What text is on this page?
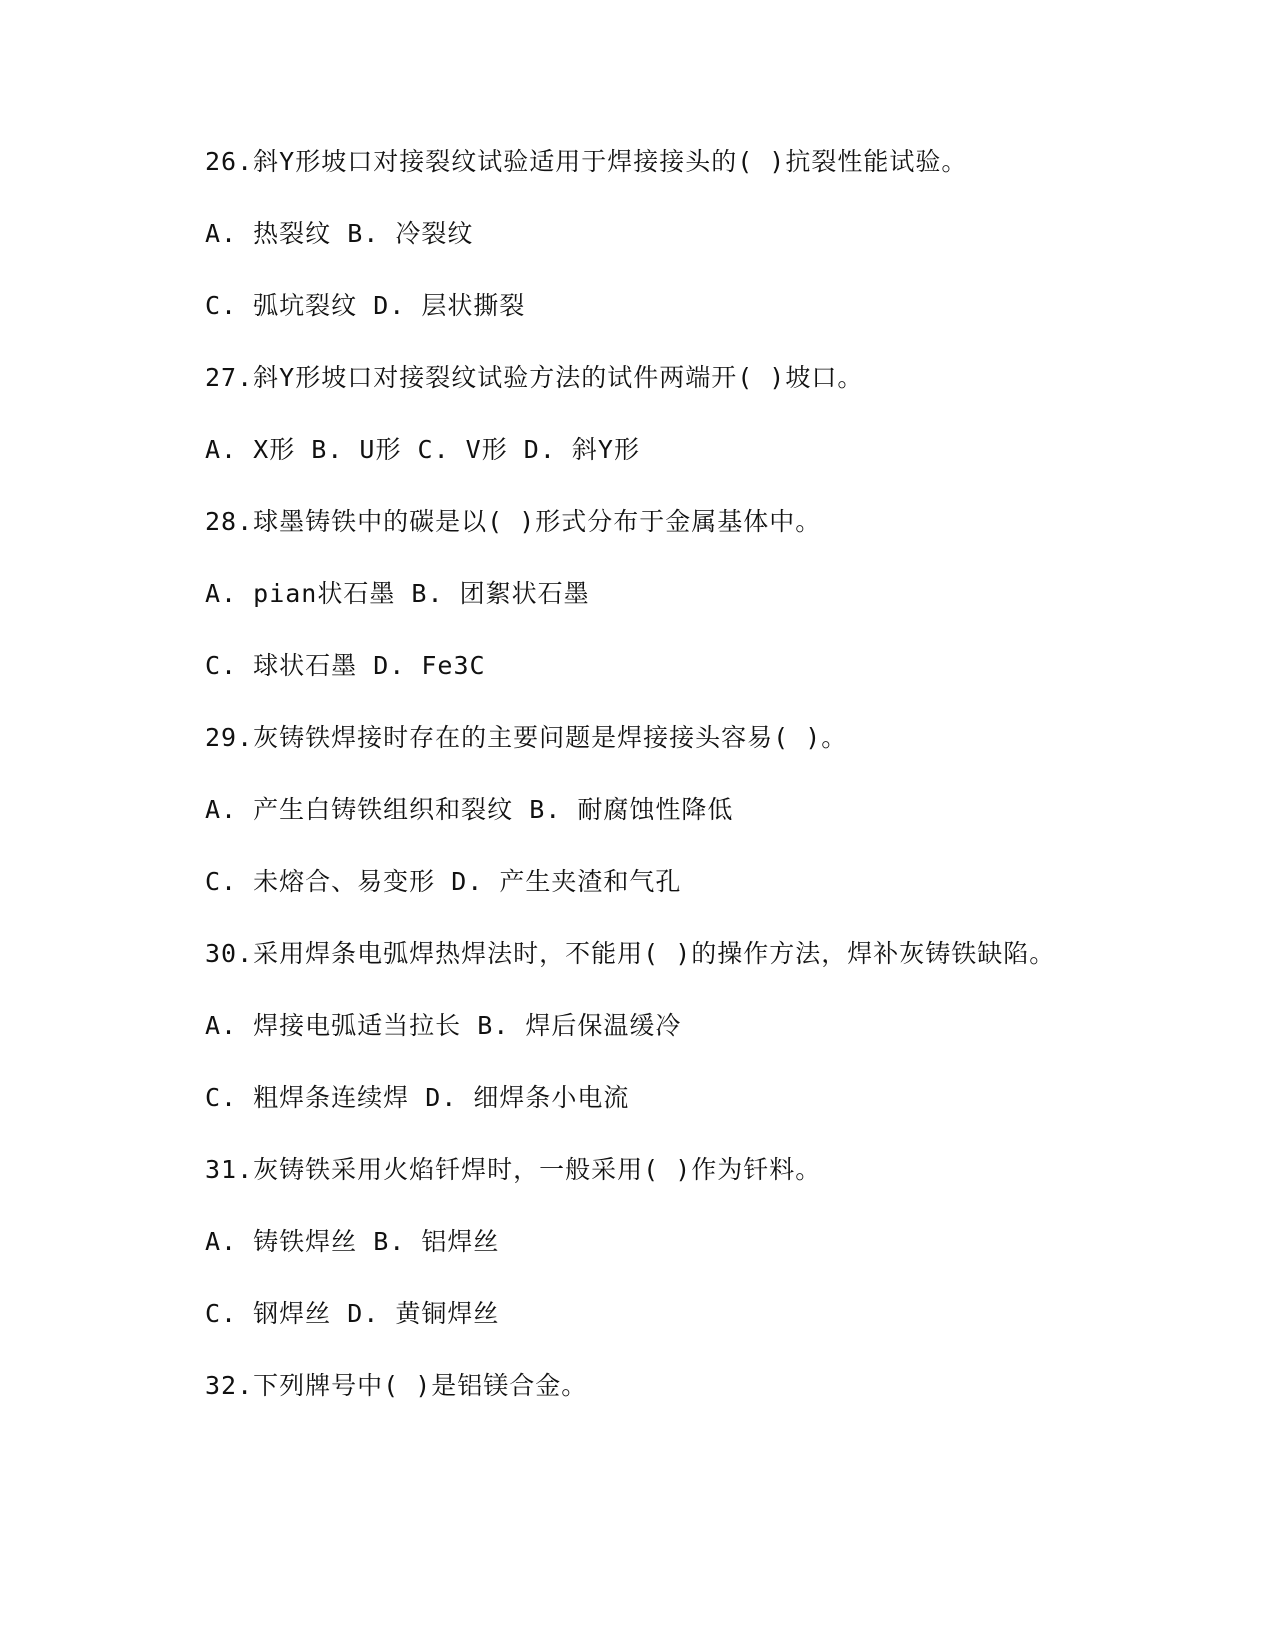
26.斜Y形坡口对接裂纹试验适用于焊接接头的( )抗裂性能试验。
A. 热裂纹 B. 冷裂纹
C. 弧坑裂纹 D. 层状撕裂
27.斜Y形坡口对接裂纹试验方法的试件两端开( )坡口。
A. X形 B. U形 C. V形 D. 斜Y形
28.球墨铸铁中的碳是以( )形式分布于金属基体中。
A. pian状石墨 B. 团絮状石墨
C. 球状石墨 D. Fe3C
29.灰铸铁焊接时存在的主要问题是焊接接头容易( )。
A. 产生白铸铁组织和裂纹 B. 耐腐蚀性降低
C. 未熔合、易变形 D. 产生夹渣和气孔
30.采用焊条电弧焊热焊法时，不能用( )的操作方法，焊补灰铸铁缺陷。
A. 焊接电弧适当拉长 B. 焊后保温缓冷
C. 粗焊条连续焊 D. 细焊条小电流
31.灰铸铁采用火焰钎焊时，一般采用( )作为钎料。
A. 铸铁焊丝 B. 铝焊丝
C. 钢焊丝 D. 黄铜焊丝
32.下列牌号中( )是铝镁合金。
